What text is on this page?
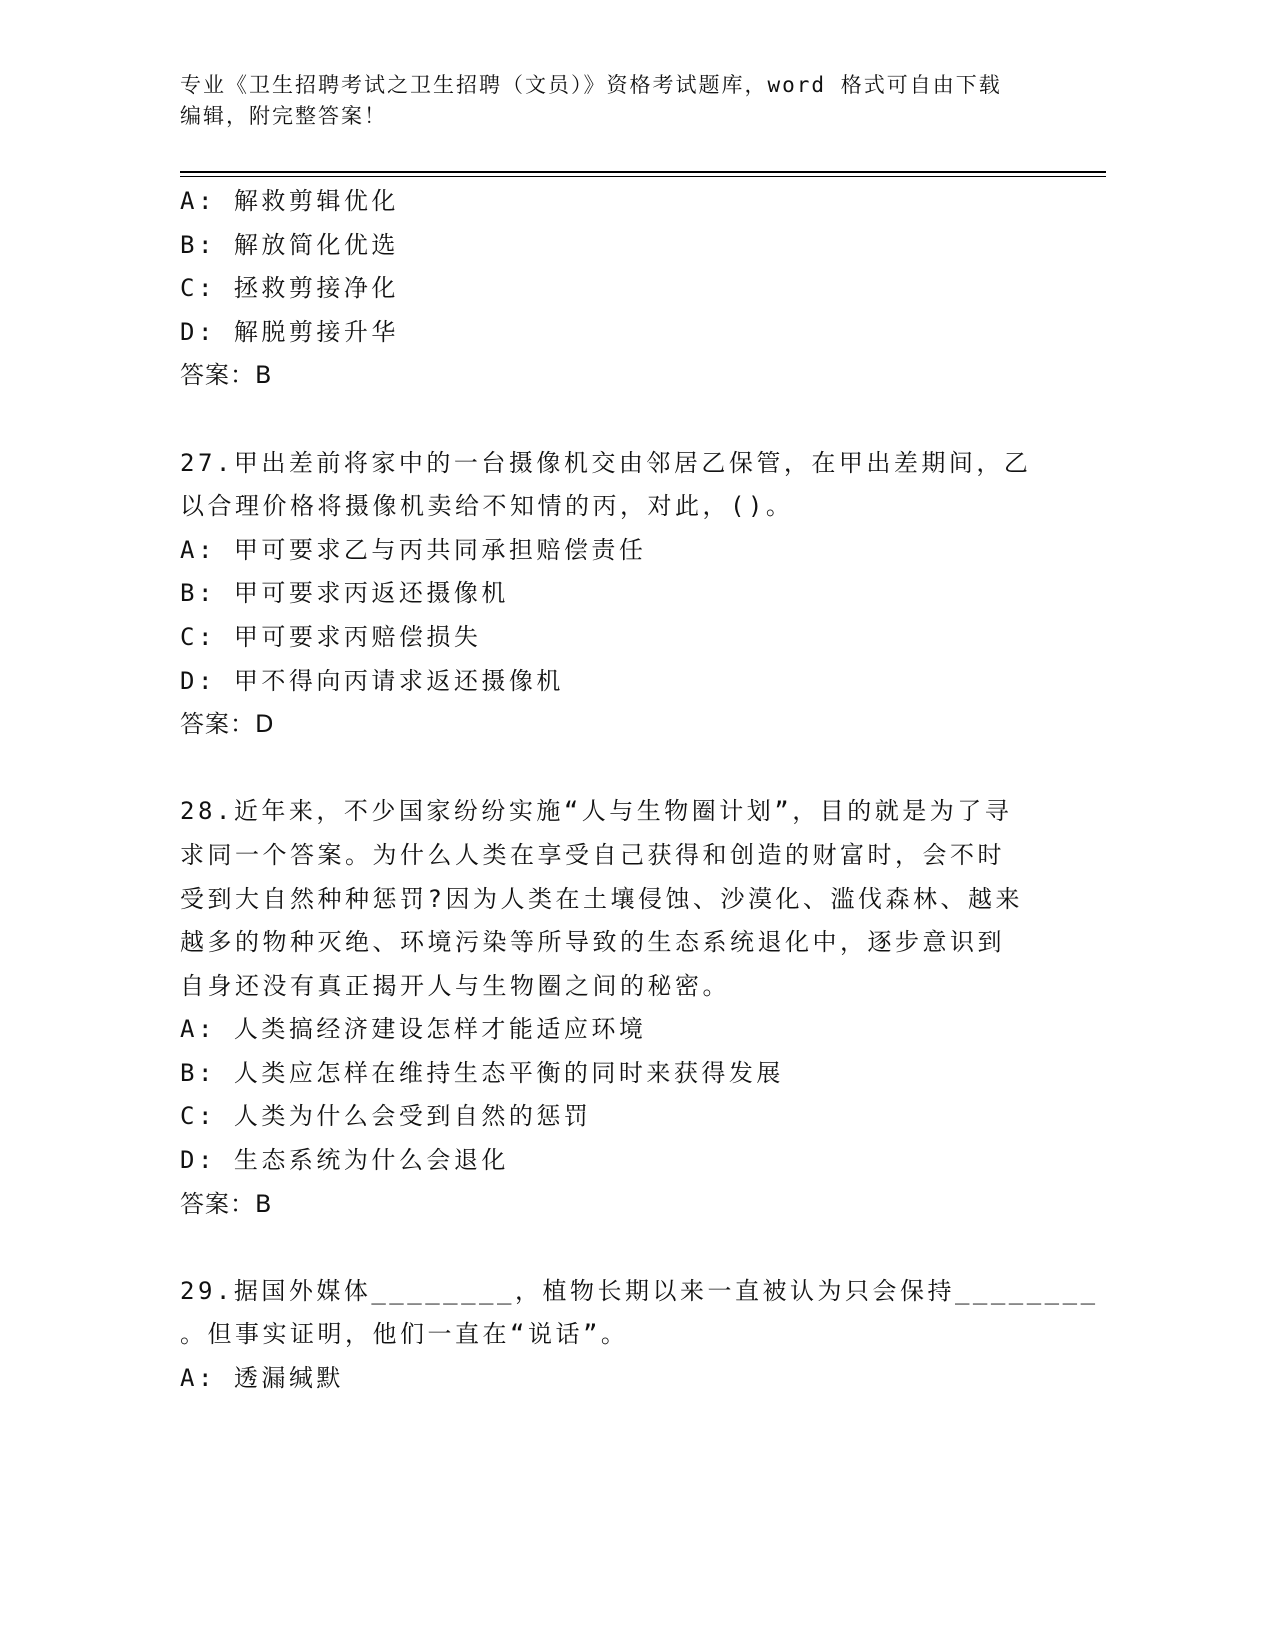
专业《卫生招聘考试之卫生招聘（文员）》资格考试题库，word 格式可自由下载
编辑，附完整答案！
A: 解救剪辑优化
B: 解放简化优选
C: 拯救剪接净化
D: 解脱剪接升华
答案：B
27.甲出差前将家中的一台摄像机交由邻居乙保管，在甲出差期间，乙
以合理价格将摄像机卖给不知情的丙，对此，()。
A: 甲可要求乙与丙共同承担赔偿责任
B: 甲可要求丙返还摄像机
C: 甲可要求丙赔偿损失
D: 甲不得向丙请求返还摄像机
答案：D
28.近年来，不少国家纷纷实施“人与生物圈计划”，目的就是为了寻
求同一个答案。为什么人类在享受自己获得和创造的财富时，会不时
受到大自然种种惩罚?因为人类在土壤侵蚀、沙漠化、滥伐森林、越来
越多的物种灭绝、环境污染等所导致的生态系统退化中，逐步意识到
自身还没有真正揭开人与生物圈之间的秘密。
A: 人类搞经济建设怎样才能适应环境
B: 人类应怎样在维持生态平衡的同时来获得发展
C: 人类为什么会受到自然的惩罚
D: 生态系统为什么会退化
答案：B
29.据国外媒体________，植物长期以来一直被认为只会保持________
。但事实证明，他们一直在“说话”。
A: 透漏缄默
